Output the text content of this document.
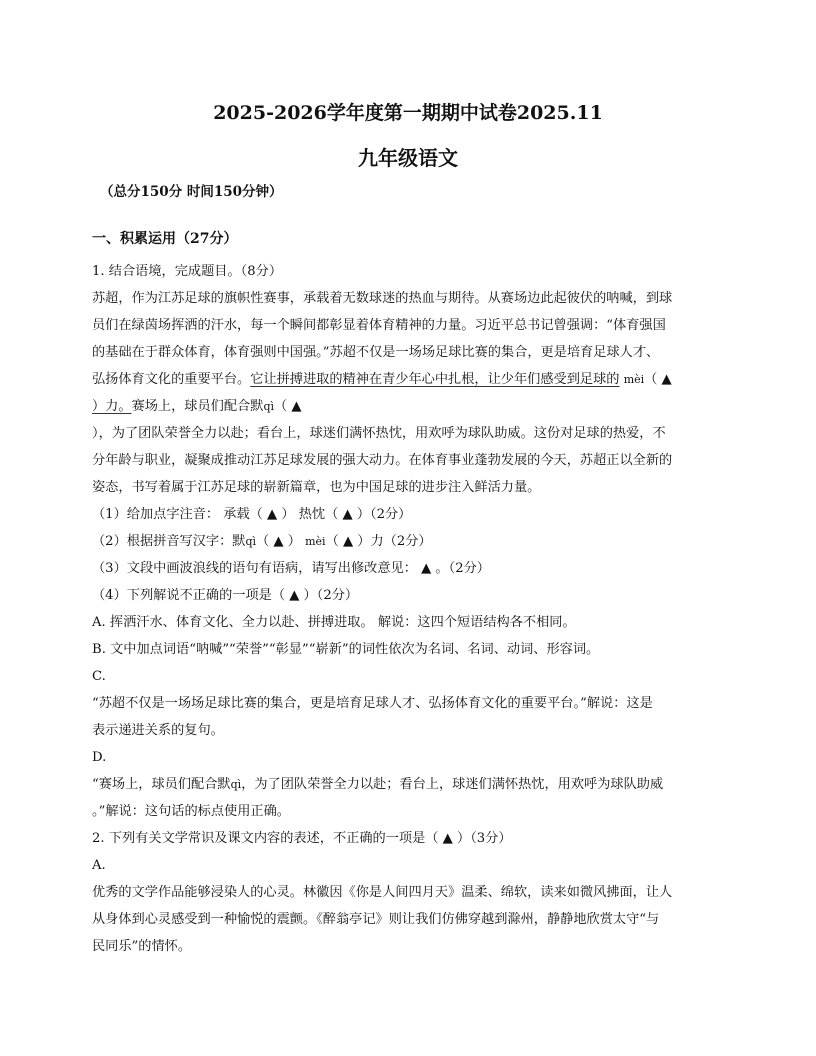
2025-2026学年度第一期期中试卷2025.11
九年级语文
（总分150分 时间150分钟）
一、积累运用（27分）
1. 结合语境，完成题目。（8分）
苏超，作为江苏足球的旗帜性赛事，承载着无数球迷的热血与期待。从赛场边此起彼伏的呐喊，到球
员们在绿茵场挥洒的汗水，每一个瞬间都彰显着体育精神的力量。习近平总书记曾强调：“体育强国
的基础在于群众体育，体育强则中国强。”苏超不仅是一场场足球比赛的集合，更是培育足球人才、
弘扬体育文化的重要平台。它让拼搏进取的精神在青少年心中扎根，让少年们感受到足球的 mèi（ ▲
）力。赛场上，球员们配合默qì（ ▲
），为了团队荣誉全力以赴；看台上，球迷们满怀热忱，用欢呼为球队助威。这份对足球的热爱，不
分年龄与职业，凝聚成推动江苏足球发展的强大动力。在体育事业蓬勃发展的今天，苏超正以全新的
姿态，书写着属于江苏足球的崭新篇章，也为中国足球的进步注入鲜活力量。
（1）给加点字注音： 承载（ ▲ ） 热忱（ ▲ ）（2分）
（2）根据拼音写汉字：默qì（ ▲ ） mèi（ ▲ ）力（2分）
（3）文段中画波浪线的语句有语病，请写出修改意见： ▲ 。（2分）
（4）下列解说不正确的一项是（ ▲ ）（2分）
A. 挥洒汗水、体育文化、全力以赴、拼搏进取。 解说：这四个短语结构各不相同。
B. 文中加点词语“呐喊”“荣誉”“彰显”“崭新”的词性依次为名词、名词、动词、形容词。
C.
“苏超不仅是一场场足球比赛的集合，更是培育足球人才、弘扬体育文化的重要平台。”解说：这是
表示递进关系的复句。
D.
“赛场上，球员们配合默qì，为了团队荣誉全力以赴；看台上，球迷们满怀热忱，用欢呼为球队助威
。”解说：这句话的标点使用正确。
2. 下列有关文学常识及课文内容的表述，不正确的一项是（ ▲ ）（3分）
A.
优秀的文学作品能够浸染人的心灵。林徽因《你是人间四月天》温柔、绵软，读来如微风拂面，让人
从身体到心灵感受到一种愉悦的震颤。《醉翁亭记》则让我们仿佛穿越到滁州，静静地欣赏太守“与
民同乐”的情怀。
